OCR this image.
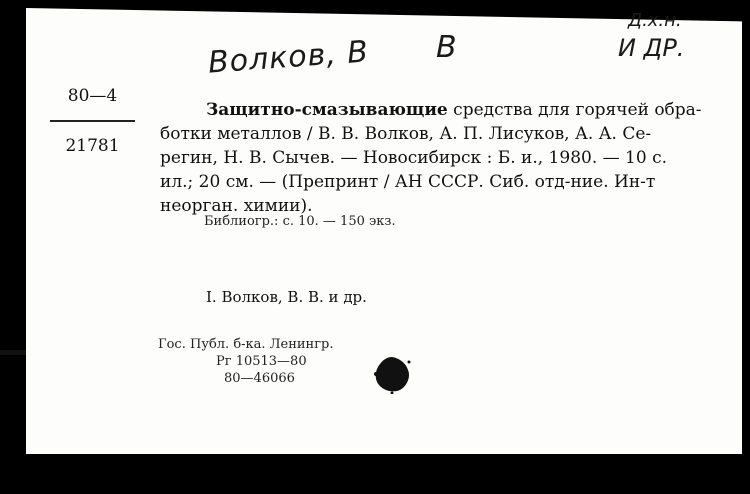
Волков, В В
Д.х.н.
И ДР.
80—4
21781
Защитно-смазывающие средства для горячей обра-
ботки металлов / В. В. Волков, А. П. Лисуков, А. А. Се-
регин, Н. В. Сычев. — Новосибирск : Б. и., 1980. — 10 с.
ил.; 20 см. — (Препринт / АН СССР. Сиб. отд-ние. Ин-т
неорган. химии).
Библиогр.: с. 10. — 150 экз.
I. Волков, В. В. и др.
Гос. Публ. б-ка. Ленингр.
Рг 10513—80
80—46066
